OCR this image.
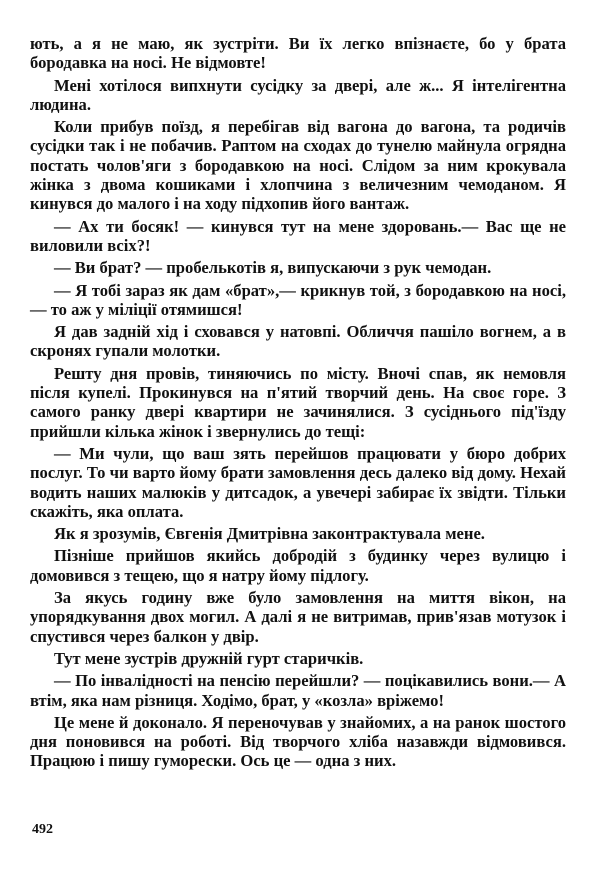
ють, а я не маю, як зустріти. Ви їх легко впізнаєте, бо у брата бородавка на носі. Не відмовте!

Мені хотілося випхнути сусідку за двері, але ж... Я інтелігентна людина.

Коли прибув поїзд, я перебігав від вагона до вагона, та родичів сусідки так і не побачив. Раптом на сходах до тунелю майнула огрядна постать чолов'яги з бородавкою на носі. Слідом за ним крокувала жінка з двома кошиками і хлопчина з величезним чемоданом. Я кинувся до малого і на ходу підхопив його вантаж.

— Ах ти босяк! — кинувся тут на мене здоровань.— Вас ще не виловили всіх?!

— Ви брат? — пробелькотів я, випускаючи з рук чемодан.

— Я тобі зараз як дам «брат»,— крикнув той, з бородавкою на носі,— то аж у міліції отямишся!

Я дав задній хід і сховався у натовпі. Обличчя пашіло вогнем, а в скронях гупали молотки.

Решту дня провів, тиняючись по місту. Вночі спав, як немовля після купелі. Прокинувся на п'ятий творчий день. На своє горе. З самого ранку двері квартири не зачинялися. З сусіднього під'їзду прийшли кілька жінок і звернулись до тещі:

— Ми чули, що ваш зять перейшов працювати у бюро добрих послуг. То чи варто йому брати замовлення десь далеко від дому. Нехай водить наших малюків у дитсадок, а увечері забирає їх звідти. Тільки скажіть, яка оплата.

Як я зрозумів, Євгенія Дмитрівна законтрактувала мене.

Пізніше прийшов якийсь добродій з будинку через вулицю і домовився з тещею, що я натру йому підлогу.

За якусь годину вже було замовлення на миття вікон, на упорядкування двох могил. А далі я не витримав, прив'язав мотузок і спустився через балкон у двір.

Тут мене зустрів дружній гурт старичків.

— По інвалідності на пенсію перейшли? — поцікавились вони.— А втім, яка нам різниця. Ходімо, брат, у «козла» вріжемо!

Це мене й доконало. Я переночував у знайомих, а на ранок шостого дня поновився на роботі. Від творчого хліба назавжди відмовився. Працюю і пишу гуморески. Ось це — одна з них.

492
